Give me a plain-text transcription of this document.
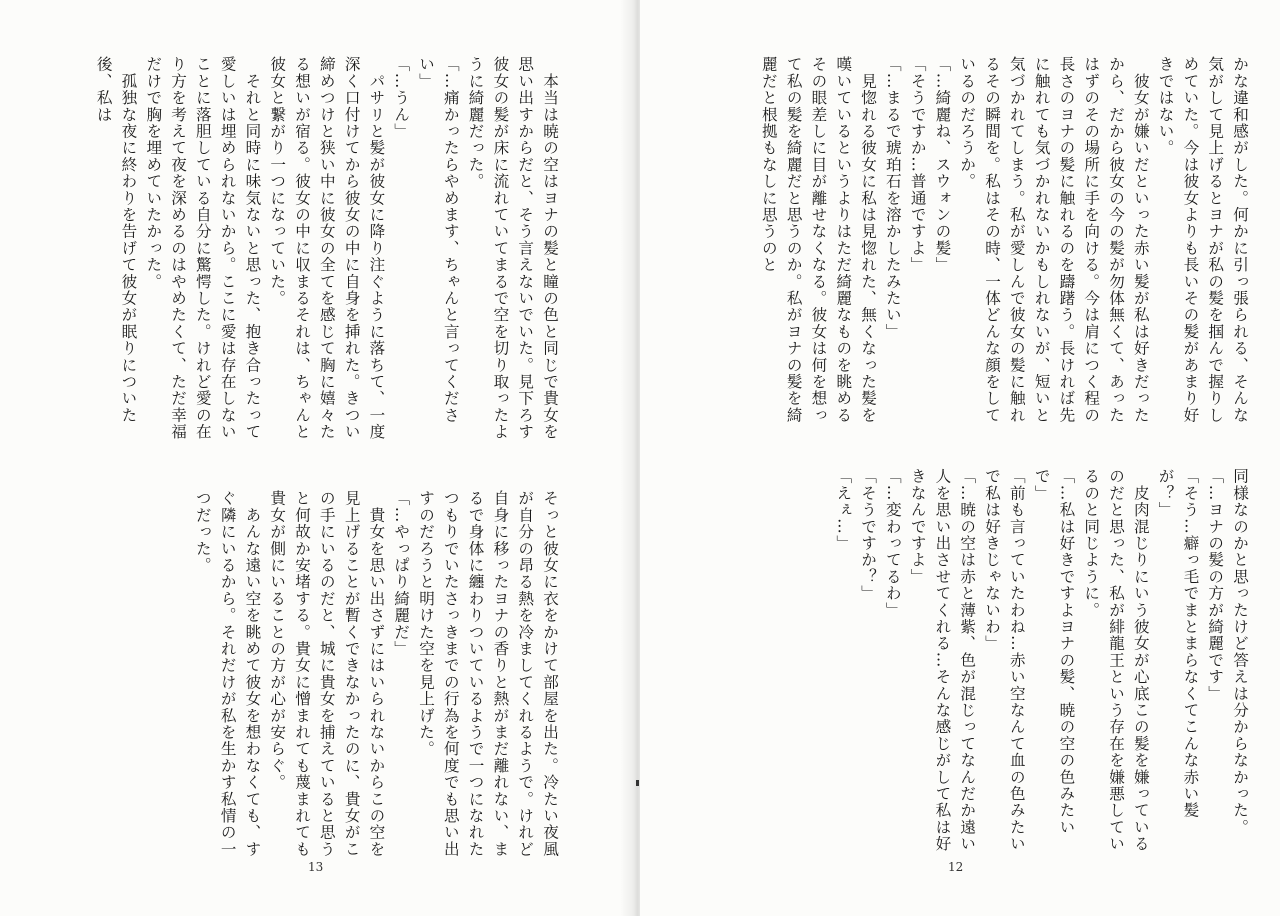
　本当は暁の空はヨナの髪と瞳の色と同じで貴女を思い出すからだと、そう言えないでいた。見下ろす彼女の髪が床に流れていてまるで空を切り取ったように綺麗だった。
「…痛かったらやめます、ちゃんと言ってください」
「…うん」
　パサリと髪が彼女に降り注ぐように落ちて、一度深く口付けてから彼女の中に自身を挿れた。きつい締めつけと狭い中に彼女の全てを感じて胸に嬉々たる想いが宿る。彼女の中に収まるそれは、ちゃんと彼女と繋がり一つになっていた。
　それと同時に味気ないと思った、抱き合ったって愛しいは埋められないから。ここに愛は存在しないことに落胆している自分に驚愕した。けれど愛の在り方を考えて夜を深めるのはやめたくて、ただ幸福だけで胸を埋めていたかった。
　孤独な夜に終わりを告げて彼女が眠りについた後、私は
そっと彼女に衣をかけて部屋を出た。冷たい夜風が自分の昂る熱を冷ましてくれるようで。けれど自身に移ったヨナの香りと熱がまだ離れない、まるで身体に纏わりついているようで一つになれたつもりでいたさっきまでの行為を何度でも思い出すのだろうと明けた空を見上げた。
「…やっぱり綺麗だ」
　貴女を思い出さずにはいられないからこの空を見上げることが暫くできなかったのに、貴女がこの手にいるのだと、城に貴女を捕えていると思うと何故か安堵する。貴女に憎まれても蔑まれても貴女が側にいることの方が心が安らぐ。
　あんな遠い空を眺めて彼女を想わなくても、すぐ隣にいるから。それだけが私を生かす私情の一つだった。
13
かな違和感がした。何かに引っ張られる、そんな気がして見上げるとヨナが私の髪を掴んで握りしめていた。今は彼女よりも長いその髪があまり好きではない。
　彼女が嫌いだといった赤い髪が私は好きだったから、だから彼女の今の髪が勿体無くて、あったはずのその場所に手を向ける。今は肩につく程の長さのヨナの髪に触れるのを躊躇う。長ければ先に触れても気づかれないかもしれないが、短いと気づかれてしまう。私が愛しんで彼女の髪に触れるその瞬間を。私はその時、一体どんな顔をしているのだろうか。
「…綺麗ね、スウォンの髪」
「そうですか…普通ですよ」
「…まるで琥珀石を溶かしたみたい」
　見惚れる彼女に私は見惚れた、無くなった髪を嘆いているというよりはただ綺麗なものを眺めるその眼差しに目が離せなくなる。彼女は何を想って私の髪を綺麗だと思うのか。私がヨナの髪を綺麗だと根拠もなしに思うのと
同様なのかと思ったけど答えは分からなかった。
「…ヨナの髪の方が綺麗です」
「そう…癖っ毛でまとまらなくてこんな赤い髪が？」
　皮肉混じりにいう彼女が心底この髪を嫌っているのだと思った、私が緋龍王という存在を嫌悪しているのと同じように。
「…私は好きですよヨナの髪、暁の空の色みたいで」
「前も言っていたわね…赤い空なんて血の色みたいで私は好きじゃないわ」
「…暁の空は赤と薄紫、色が混じってなんだか遠い人を思い出させてくれる…そんな感じがして私は好きなんですよ」
「…変わってるわ」
「そうですか？」
「えぇ…」
12
